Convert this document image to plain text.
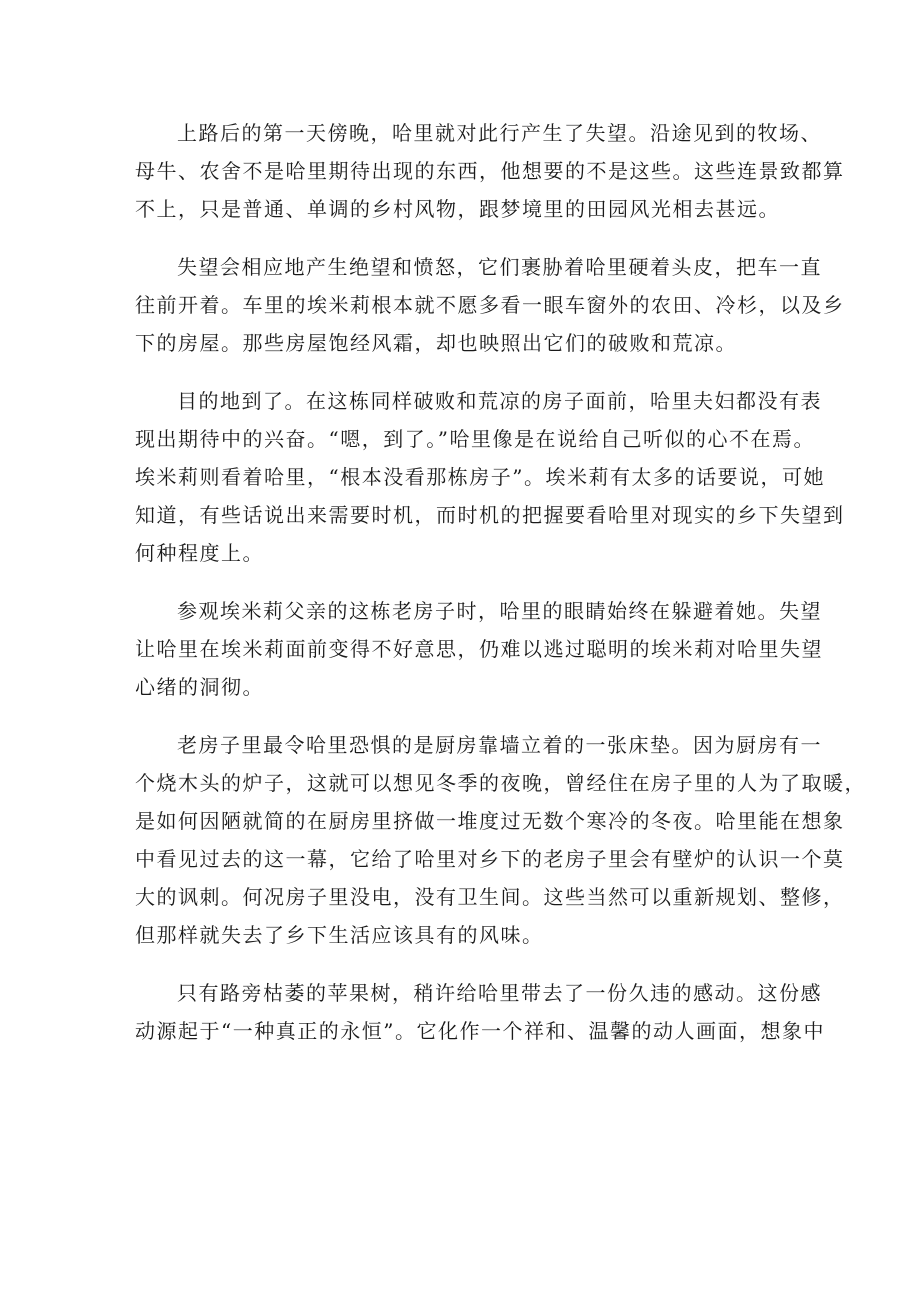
上路后的第一天傍晚，哈里就对此行产生了失望。沿途见到的牧场、
母牛、农舍不是哈里期待出现的东西，他想要的不是这些。这些连景致都算
不上，只是普通、单调的乡村风物，跟梦境里的田园风光相去甚远。

失望会相应地产生绝望和愤怒，它们裹胁着哈里硬着头皮，把车一直
往前开着。车里的埃米莉根本就不愿多看一眼车窗外的农田、冷杉，以及乡
下的房屋。那些房屋饱经风霜，却也映照出它们的破败和荒凉。

目的地到了。在这栋同样破败和荒凉的房子面前，哈里夫妇都没有表
现出期待中的兴奋。“嗯，到了。”哈里像是在说给自己听似的心不在焉。
埃米莉则看着哈里，“根本没看那栋房子”。埃米莉有太多的话要说，可她
知道，有些话说出来需要时机，而时机的把握要看哈里对现实的乡下失望到
何种程度上。

参观埃米莉父亲的这栋老房子时，哈里的眼睛始终在躲避着她。失望
让哈里在埃米莉面前变得不好意思，仍难以逃过聪明的埃米莉对哈里失望
心绪的洞彻。

老房子里最令哈里恐惧的是厨房靠墙立着的一张床垫。因为厨房有一
个烧木头的炉子，这就可以想见冬季的夜晚，曾经住在房子里的人为了取暖，
是如何因陋就简的在厨房里挤做一堆度过无数个寒冷的冬夜。哈里能在想象
中看见过去的这一幕，它给了哈里对乡下的老房子里会有壁炉的认识一个莫
大的讽刺。何况房子里没电，没有卫生间。这些当然可以重新规划、整修，
但那样就失去了乡下生活应该具有的风味。

只有路旁枯萎的苹果树，稍许给哈里带去了一份久违的感动。这份感
动源起于“一种真正的永恒”。它化作一个祥和、温馨的动人画面，想象中
